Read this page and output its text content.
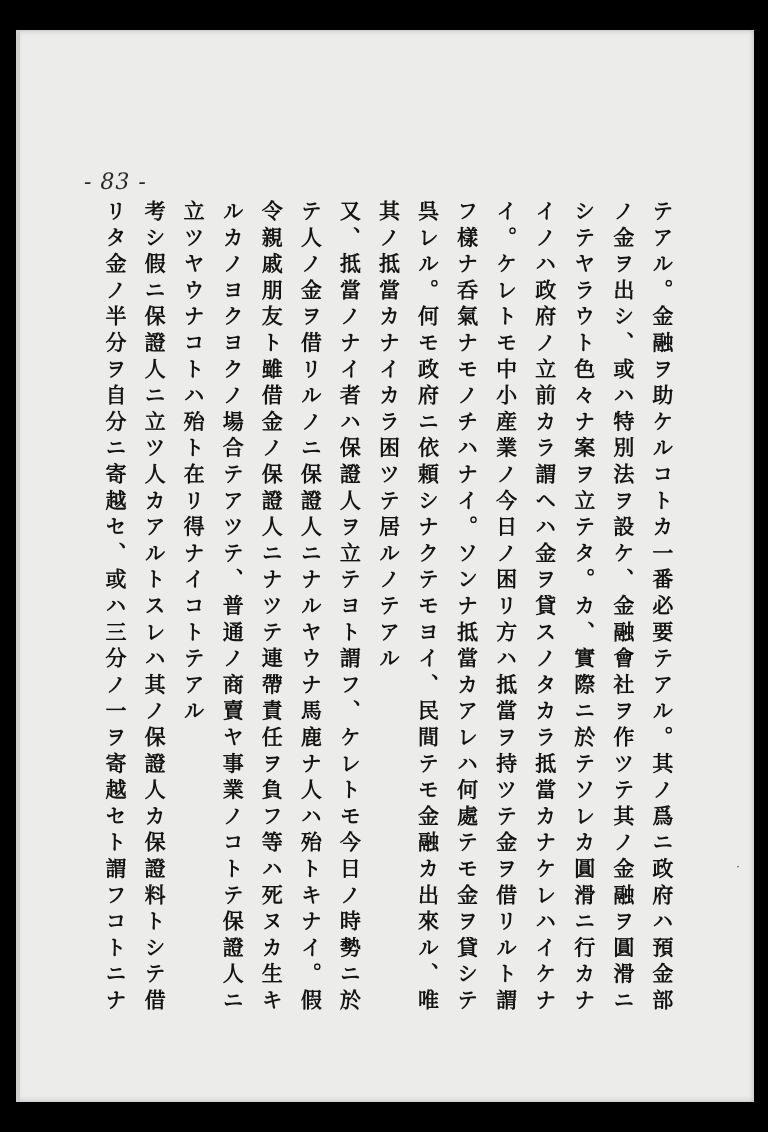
- 83 -
テアル。金融ヲ助ケルコトカ一番必要テアル。其ノ爲ニ政府ハ預金部
ノ金ヲ出シ、或ハ特別法ヲ設ケ、金融會社ヲ作ツテ其ノ金融ヲ圓滑ニ
シテヤラウト色々ナ案ヲ立テタ。カ、實際ニ於テソレカ圓滑ニ行カナ
イノハ政府ノ立前カラ謂ヘハ金ヲ貸スノタカラ抵當カナケレハイケナ
イ。ケレトモ中小産業ノ今日ノ困リ方ハ抵當ヲ持ツテ金ヲ借リルト謂
フ樣ナ呑氣ナモノチハナイ。ソンナ抵當カアレハ何處テモ金ヲ貸シテ
呉レル。何モ政府ニ依頼シナクテモヨイ、民間テモ金融カ出來ル、唯
其ノ抵當カナイカラ困ツテ居ルノテアル
又、抵當ノナイ者ハ保證人ヲ立テヨト謂フ、ケレトモ今日ノ時勢ニ於
テ人ノ金ヲ借リルノニ保證人ニナルヤウナ馬鹿ナ人ハ殆トキナイ。假
令親戚朋友ト雖借金ノ保證人ニナツテ連帶責任ヲ負フ等ハ死ヌカ生キ
ルカノヨクヨクノ場合テアツテ、普通ノ商賣ヤ事業ノコトテ保證人ニ
立ツヤウナコトハ殆ト在リ得ナイコトテアル
考シ假ニ保證人ニ立ツ人カアルトスレハ其ノ保證人カ保證料トシテ借
リタ金ノ半分ヲ自分ニ寄越セ、或ハ三分ノ一ヲ寄越セト謂フコトニナ	·
